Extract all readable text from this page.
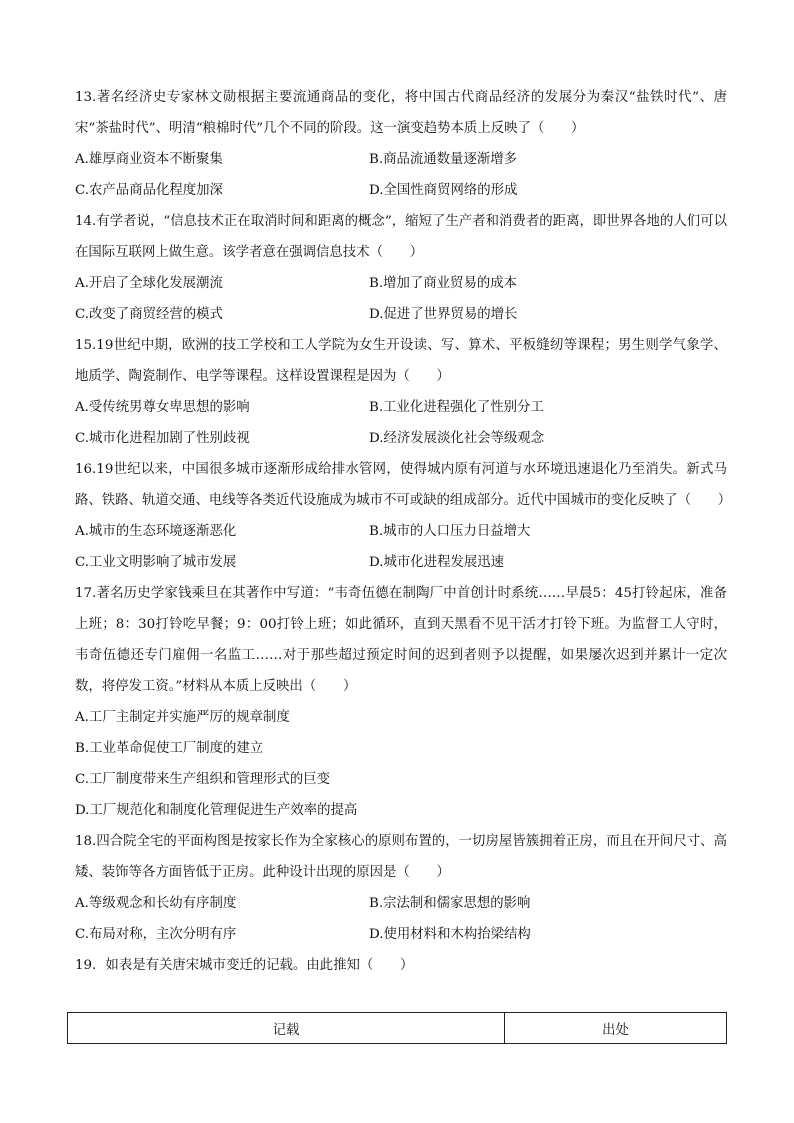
13.著名经济史专家林文勋根据主要流通商品的变化，将中国古代商品经济的发展分为秦汉“盐铁时代”、唐宋“茶盐时代”、明清“粮棉时代”几个不同的阶段。这一演变趋势本质上反映了（　　）

A.雄厚商业资本不断聚集	B.商品流通数量逐渐增多
C.农产品商品化程度加深	D.全国性商贸网络的形成

14.有学者说，“信息技术正在取消时间和距离的概念”，缩短了生产者和消费者的距离，即世界各地的人们可以在国际互联网上做生意。该学者意在强调信息技术（　　）

A.开启了全球化发展潮流	B.增加了商业贸易的成本
C.改变了商贸经营的模式	D.促进了世界贸易的增长

15.19世纪中期，欧洲的技工学校和工人学院为女生开设读、写、算术、平板缝纫等课程；男生则学气象学、地质学、陶瓷制作、电学等课程。这样设置课程是因为（　　）

A.受传统男尊女卑思想的影响	B.工业化进程强化了性别分工
C.城市化进程加剧了性别歧视	D.经济发展淡化社会等级观念

16.19世纪以来，中国很多城市逐渐形成给排水管网，使得城内原有河道与水环境迅速退化乃至消失。新式马路、铁路、轨道交通、电线等各类近代设施成为城市不可或缺的组成部分。近代中国城市的变化反映了（　　）

A.城市的生态环境逐渐恶化	B.城市的人口压力日益增大
C.工业文明影响了城市发展	D.城市化进程发展迅速

17.著名历史学家钱乘旦在其著作中写道：“韦奇伍德在制陶厂中首创计时系统……早晨5：45打铃起床，准备上班；8：30打铃吃早餐；9：00打铃上班；如此循环，直到天黑看不见干活才打铃下班。为监督工人守时，韦奇伍德还专门雇佣一名监工……对于那些超过预定时间的迟到者则予以提醒，如果屡次迟到并累计一定次数，将停发工资。”材料从本质上反映出（　　）

A.工厂主制定并实施严厉的规章制度
B.工业革命促使工厂制度的建立
C.工厂制度带来生产组织和管理形式的巨变
D.工厂规范化和制度化管理促进生产效率的提高

18.四合院全宅的平面构图是按家长作为全家核心的原则布置的，一切房屋皆簇拥着正房，而且在开间尺寸、高矮、装饰等各方面皆低于正房。此种设计出现的原因是（　　）

A.等级观念和长幼有序制度	B.宗法制和儒家思想的影响
C.布局对称，主次分明有序	D.使用材料和木构抬梁结构

19．如表是有关唐宋城市变迁的记载。由此推知（　　）

记载	出处
